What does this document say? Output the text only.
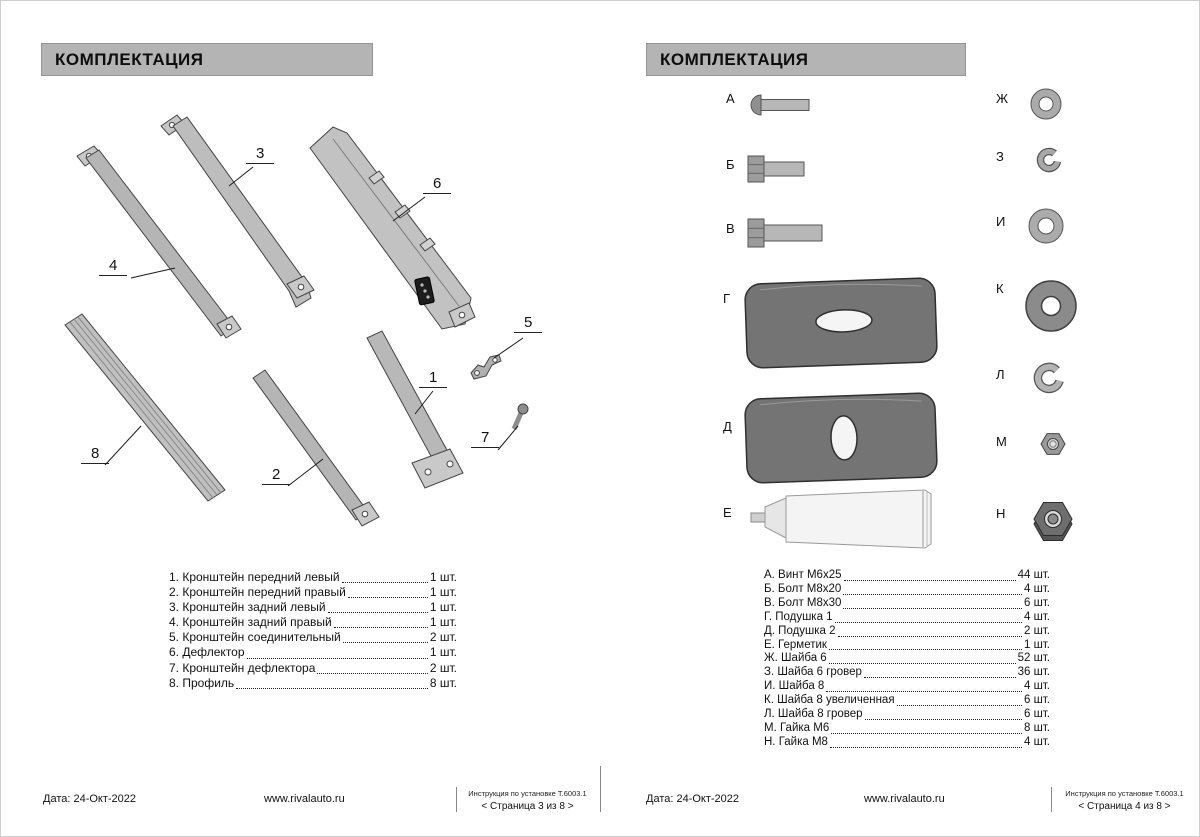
КОМПЛЕКТАЦИЯ
1
2
3
4
5
6
7
8
1. Кронштейн передний левый	1 шт.
2. Кронштейн передний правый	1 шт.
3. Кронштейн задний левый	1 шт.
4. Кронштейн задний правый	1 шт.
5. Кронштейн соединительный	2 шт.
6. Дефлектор	1 шт.
7. Кронштейн дефлектора	2 шт.
8. Профиль	8 шт.
Дата: 24-Окт-2022	www.rivalauto.ru	Инструкция по установке Т.6003.1
< Страница 3 из 8 >
КОМПЛЕКТАЦИЯ
А
Б
В
Г
Д
Е
Ж
З
И
К
Л
М
Н
А. Винт М6х25	44 шт.
Б. Болт М8х20	4 шт.
В. Болт М8х30	6 шт.
Г. Подушка 1	4 шт.
Д. Подушка 2	2 шт.
Е. Герметик	1 шт.
Ж. Шайба 6	52 шт.
З. Шайба 6 гровер	36 шт.
И. Шайба 8	4 шт.
К. Шайба 8 увеличенная	6 шт.
Л. Шайба 8 гровер	6 шт.
М. Гайка М6	8 шт.
Н. Гайка М8	4 шт.
Дата: 24-Окт-2022	www.rivalauto.ru	Инструкция по установке Т.6003.1
< Страница 4 из 8 >
